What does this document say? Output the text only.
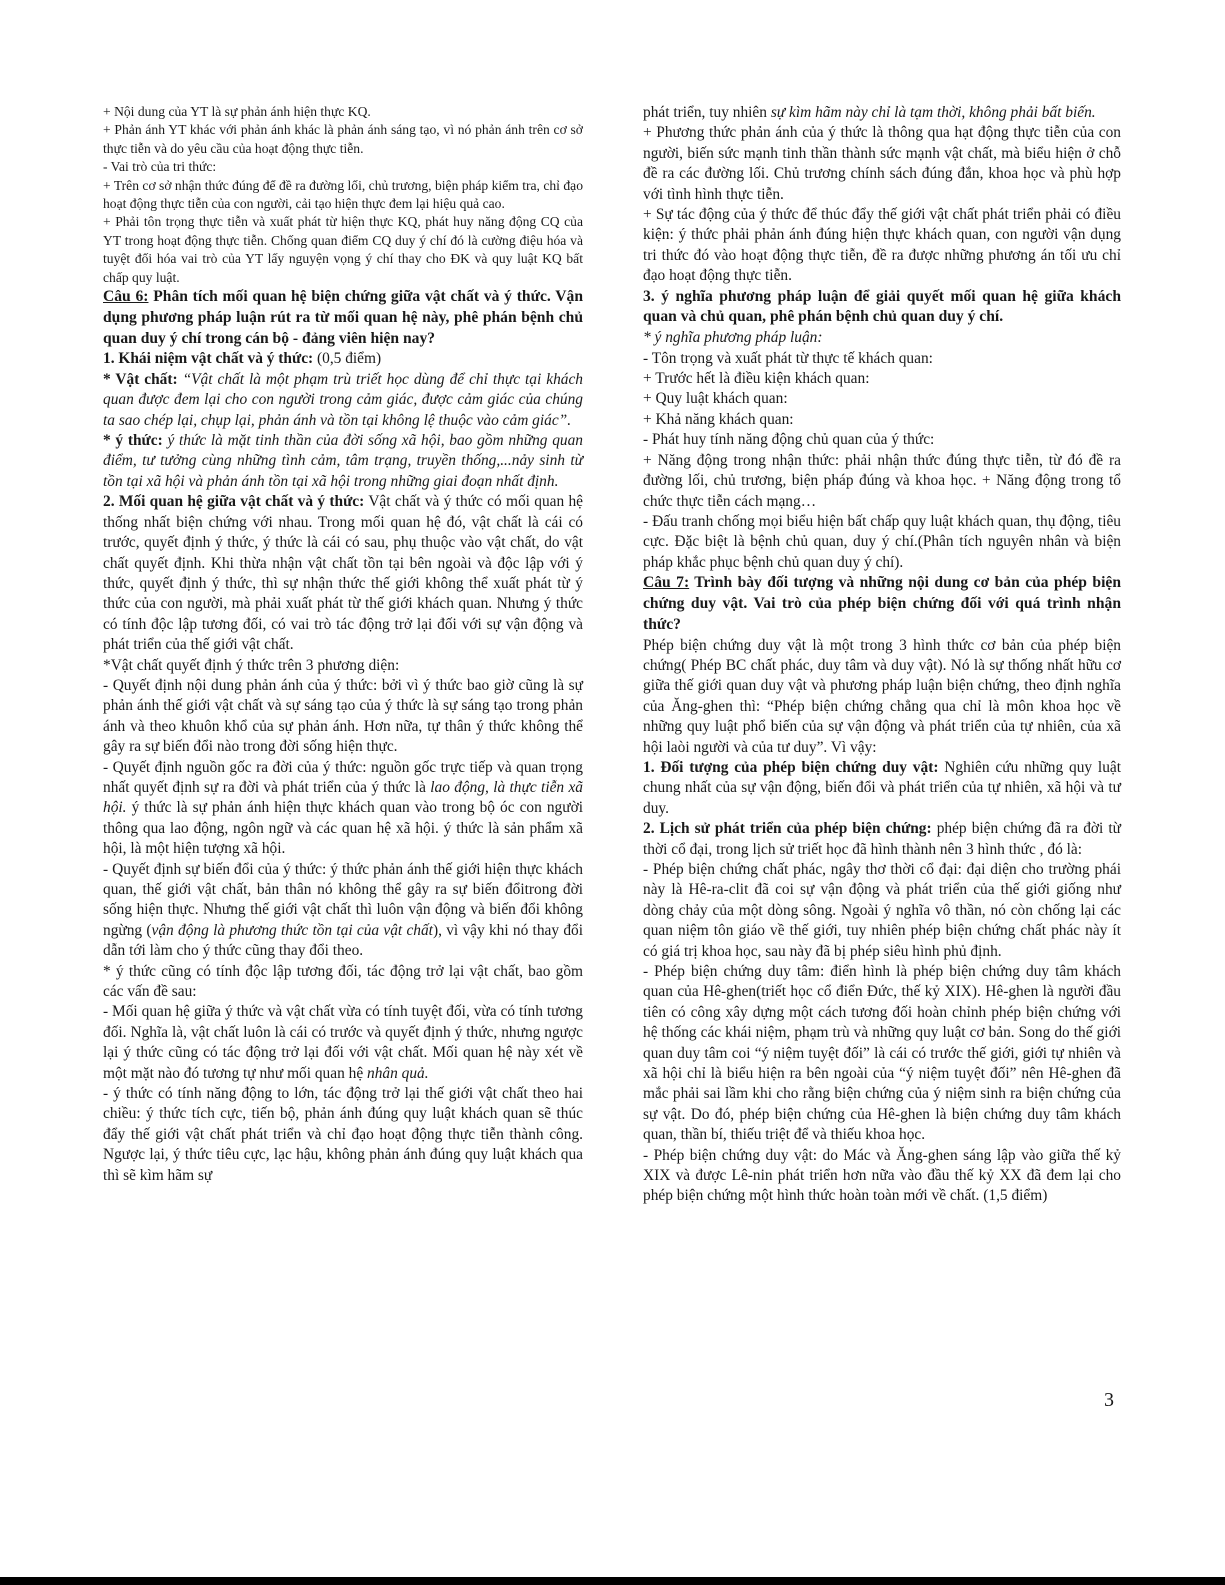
+ Nội dung của YT là sự phản ánh hiện thực KQ.

+ Phản ánh YT khác với phản ánh khác là phản ánh sáng tạo, vì nó phản ánh trên cơ sở thực tiễn và do yêu cầu của hoạt động thực tiễn.

- Vai trò của tri thức:

+ Trên cơ sở nhận thức đúng để đề ra đường lối, chủ trương, biện pháp kiểm tra, chỉ đạo hoạt động thực tiễn của con người, cải tạo hiện thực đem lại hiệu quả cao.

+ Phải tôn trọng thực tiễn và xuất phát từ hiện thực KQ, phát huy năng động CQ của YT trong hoạt động thực tiễn. Chống quan điểm CQ duy ý chí đó là cường điệu hóa và tuyệt đối hóa vai trò của YT lấy nguyện vọng ý chí thay cho ĐK và quy luật KQ bất chấp quy luật.

Câu 6: Phân tích mối quan hệ biện chứng giữa vật chất và ý thức. Vận dụng phương pháp luận rút ra từ mối quan hệ này, phê phán bệnh chủ quan duy ý chí trong cán bộ - đảng viên hiện nay?

1. Khái niệm vật chất và ý thức: (0,5 điểm)

* Vật chất: “Vật chất là một phạm trù triết học dùng để chỉ thực tại khách quan được đem lại cho con người trong cảm giác, được cảm giác của chúng ta sao chép lại, chụp lại, phản ánh và tồn tại không lệ thuộc vào cảm giác”.

* ý thức: ý thức là mặt tinh thần của đời sống xã hội, bao gồm những quan điểm, tư tưởng cùng những tình cảm, tâm trạng, truyền thống,...nảy sinh từ tồn tại xã hội và phản ánh tồn tại xã hội trong những giai đoạn nhất định.

2. Mối quan hệ giữa vật chất và ý thức: Vật chất và ý thức có mối quan hệ thống nhất biện chứng với nhau. Trong mối quan hệ đó, vật chất là cái có trước, quyết định ý thức, ý thức là cái có sau, phụ thuộc vào vật chất, do vật chất quyết định. Khi thừa nhận vật chất tồn tại bên ngoài và độc lập với ý thức, quyết định ý thức, thì sự nhận thức thế giới không thể xuất phát từ ý thức của con người, mà phải xuất phát từ thế giới khách quan. Nhưng ý thức có tính độc lập tương đối, có vai trò tác động trở lại đối với sự vận động và phát triển của thế giới vật chất.

*Vật chất quyết định ý thức trên 3 phương diện:

- Quyết định nội dung phản ánh của ý thức: bởi vì ý thức bao giờ cũng là sự phản ánh thế giới vật chất và sự sáng tạo của ý thức là sự sáng tạo trong phản ánh và theo khuôn khổ của sự phản ánh. Hơn nữa, tự thân ý thức không thể gây ra sự biến đổi nào trong đời sống hiện thực.

- Quyết định nguồn gốc ra đời của ý thức: nguồn gốc trực tiếp và quan trọng nhất quyết định sự ra đời và phát triển của ý thức là lao động, là thực tiễn xã hội. ý thức là sự phản ánh hiện thực khách quan vào trong bộ óc con người thông qua lao động, ngôn ngữ và các quan hệ xã hội. ý thức là sản phẩm xã hội, là một hiện tượng xã hội.

- Quyết định sự biến đổi của ý thức: ý thức phản ánh thế giới hiện thực khách quan, thế giới vật chất, bản thân nó không thể gây ra sự biến đổitrong đời sống hiện thực. Nhưng thế giới vật chất thì luôn vận động và biến đổi không ngừng (vận động là phương thức tồn tại của vật chất), vì vậy khi nó thay đổi dẫn tới làm cho ý thức cũng thay đổi theo.

* ý thức cũng có tính độc lập tương đối, tác động trở lại vật chất, bao gồm các vấn đề sau:

- Mối quan hệ giữa ý thức và vật chất vừa có tính tuyệt đối, vừa có tính tương đối. Nghĩa là, vật chất luôn là cái có trước và quyết định ý thức, nhưng ngược lại ý thức cũng có tác động trở lại đối với vật chất. Mối quan hệ này xét về một mặt nào đó tương tự như mối quan hệ nhân quả.

- ý thức có tính năng động to lớn, tác động trở lại thế giới vật chất theo hai chiều: ý thức tích cực, tiến bộ, phản ánh đúng quy luật khách quan sẽ thúc đẩy thế giới vật chất phát triển và chỉ đạo hoạt động thực tiễn thành công. Ngược lại, ý thức tiêu cực, lạc hậu, không phản ánh đúng quy luật khách qua thì sẽ kìm hãm sự

phát triển, tuy nhiên sự kìm hãm này chỉ là tạm thời, không phải bất biến.

+ Phương thức phản ánh của ý thức là thông qua hạt động thực tiễn của con người, biến sức mạnh tinh thần thành sức mạnh vật chất, mà biểu hiện ở chỗ đề ra các đường lối. Chủ trương chính sách đúng đắn, khoa học và phù hợp với tình hình thực tiễn.

+ Sự tác động của ý thức để thúc đẩy thế giới vật chất phát triển phải có điều kiện: ý thức phải phản ánh đúng hiện thực khách quan, con người vận dụng tri thức đó vào hoạt động thực tiễn, đề ra được những phương án tối ưu chỉ đạo hoạt động thực tiễn.

3. ý nghĩa phương pháp luận để giải quyết mối quan hệ giữa khách quan và chủ quan, phê phán bệnh chủ quan duy ý chí.

* ý nghĩa phương pháp luận:

- Tôn trọng và xuất phát từ thực tế khách quan:

+ Trước hết là điều kiện khách quan:

+ Quy luật khách quan:

+ Khả năng khách quan:

- Phát huy tính năng động chủ quan của ý thức:

+ Năng động trong nhận thức: phải nhận thức đúng thực tiễn, từ đó đề ra đường lối, chủ trương, biện pháp đúng và khoa học. + Năng động trong tổ chức thực tiễn cách mạng…

- Đấu tranh chống mọi biểu hiện bất chấp quy luật khách quan, thụ động, tiêu cực. Đặc biệt là bệnh chủ quan, duy ý chí.(Phân tích nguyên nhân và biện pháp khắc phục bệnh chủ quan duy ý chí).

Câu 7: Trình bày đối tượng và những nội dung cơ bản của phép biện chứng duy vật. Vai trò của phép biện chứng đối với quá trình nhận thức?

Phép biện chứng duy vật là một trong 3 hình thức cơ bản của phép biện chứng( Phép BC chất phác, duy tâm và duy vật). Nó là sự thống nhất hữu cơ giữa thế giới quan duy vật và phương pháp luận biện chứng, theo định nghĩa của Ăng-ghen thì: “Phép biện chứng chẳng qua chỉ là môn khoa học về những quy luật phổ biến của sự vận động và phát triển của tự nhiên, của xã hội laòi người và của tư duy”. Vì vậy:

1. Đối tượng của phép biện chứng duy vật: Nghiên cứu những quy luật chung nhất của sự vận động, biến đổi và phát triển của tự nhiên, xã hội và tư duy.

2. Lịch sử phát triển của phép biện chứng: phép biện chứng đã ra đời từ thời cổ đại, trong lịch sử triết học đã hình thành nên 3 hình thức , đó là:

- Phép biện chứng chất phác, ngây thơ thời cổ đại: đại diện cho trường phái này là Hê-ra-clit đã coi sự vận động và phát triển của thế giới giống như dòng chảy của một dòng sông. Ngoài ý nghĩa vô thần, nó còn chống lại các quan niệm tôn giáo về thế giới, tuy nhiên phép biện chứng chất phác này ít có giá trị khoa học, sau này đã bị phép siêu hình phủ định.

- Phép biện chứng duy tâm: điển hình là phép biện chứng duy tâm khách quan của Hê-ghen(triết học cổ điển Đức, thế kỷ XIX). Hê-ghen là người đầu tiên có công xây dựng một cách tương đối hoàn chỉnh phép biện chứng với hệ thống các khái niệm, phạm trù và những quy luật cơ bản. Song do thế giới quan duy tâm coi “ý niệm tuyệt đối” là cái có trước thế giới, giới tự nhiên và xã hội chỉ là biểu hiện ra bên ngoài của “ý niệm tuyệt đối” nên Hê-ghen đã mắc phải sai lầm khi cho rằng biện chứng của ý niệm sinh ra biện chứng của sự vật. Do đó, phép biện chứng của Hê-ghen là biện chứng duy tâm khách quan, thần bí, thiếu triệt để và thiếu khoa học.

- Phép biện chứng duy vật: do Mác và Ăng-ghen sáng lập vào giữa thế kỷ XIX và được Lê-nin phát triển hơn nữa vào đầu thế kỷ XX đã đem lại cho phép biện chứng một hình thức hoàn toàn mới về chất. (1,5 điểm)

3
